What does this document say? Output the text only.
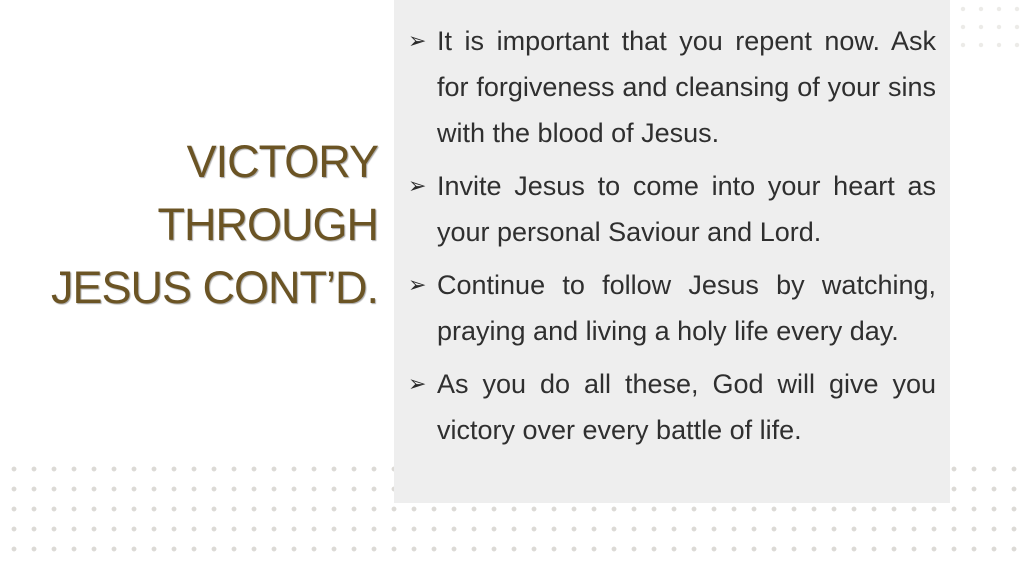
VICTORY
THROUGH
JESUS CONT’D.
➢ It is important that you repent now. Ask for forgiveness and cleansing of your sins with the blood of Jesus.
➢ Invite Jesus to come into your heart as your personal Saviour and Lord.
➢ Continue to follow Jesus by watching, praying and living a holy life every day.
➢ As you do all these, God will give you victory over every battle of life.
